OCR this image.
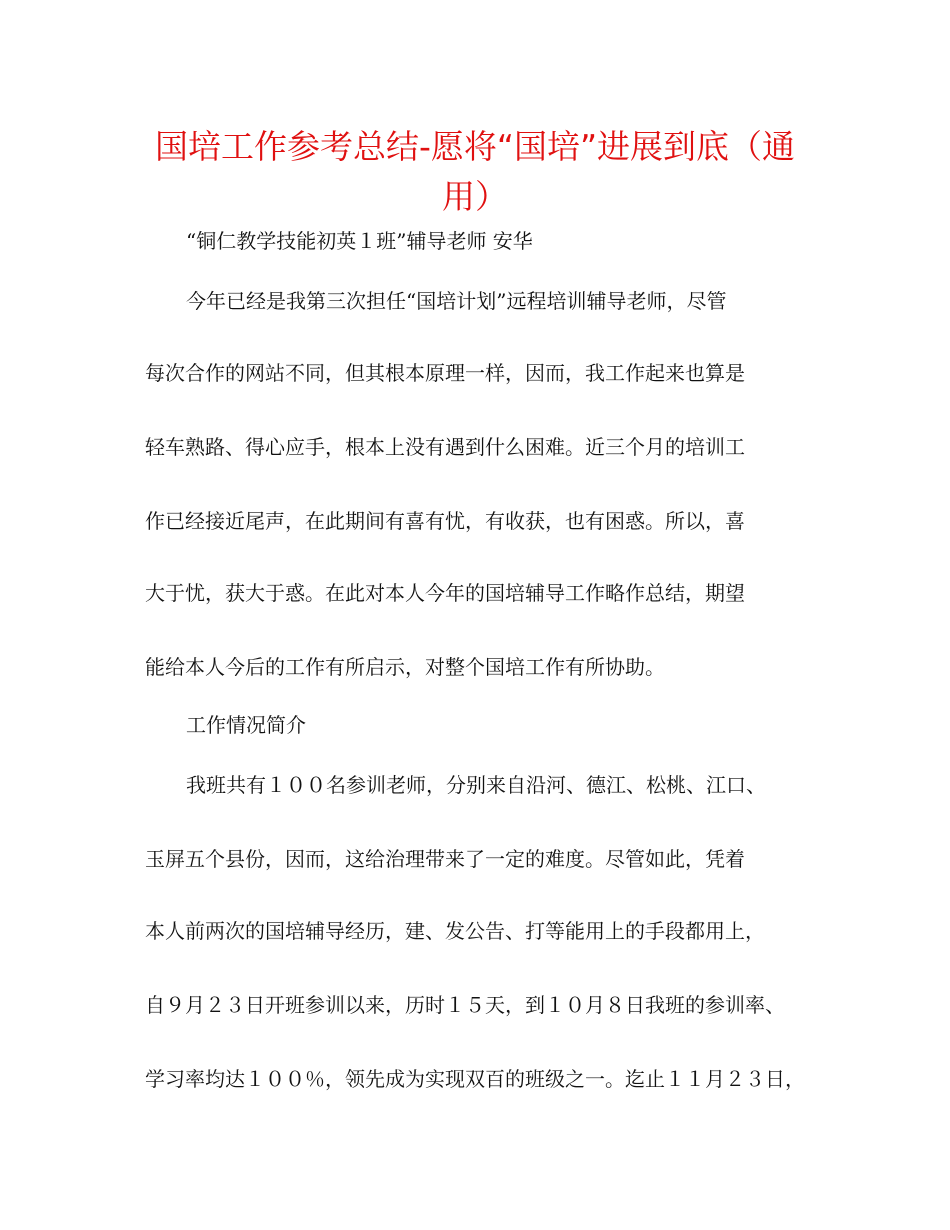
国培工作参考总结-愿将“国培”进展到底（通
用）
“铜仁教学技能初英１班”辅导老师 安华
今年已经是我第三次担任“国培计划”远程培训辅导老师，尽管
每次合作的网站不同，但其根本原理一样，因而，我工作起来也算是
轻车熟路、得心应手，根本上没有遇到什么困难。近三个月的培训工
作已经接近尾声，在此期间有喜有忧，有收获，也有困惑。所以，喜
大于忧，获大于惑。在此对本人今年的国培辅导工作略作总结，期望
能给本人今后的工作有所启示，对整个国培工作有所协助。
工作情况简介
我班共有１００名参训老师，分别来自沿河、德江、松桃、江口、
玉屏五个县份，因而，这给治理带来了一定的难度。尽管如此，凭着
本人前两次的国培辅导经历，建、发公告、打等能用上的手段都用上，
自９月２３日开班参训以来，历时１５天，到１０月８日我班的参训率、
学习率均达１００％，领先成为实现双百的班级之一。迄止１１月２３日，
